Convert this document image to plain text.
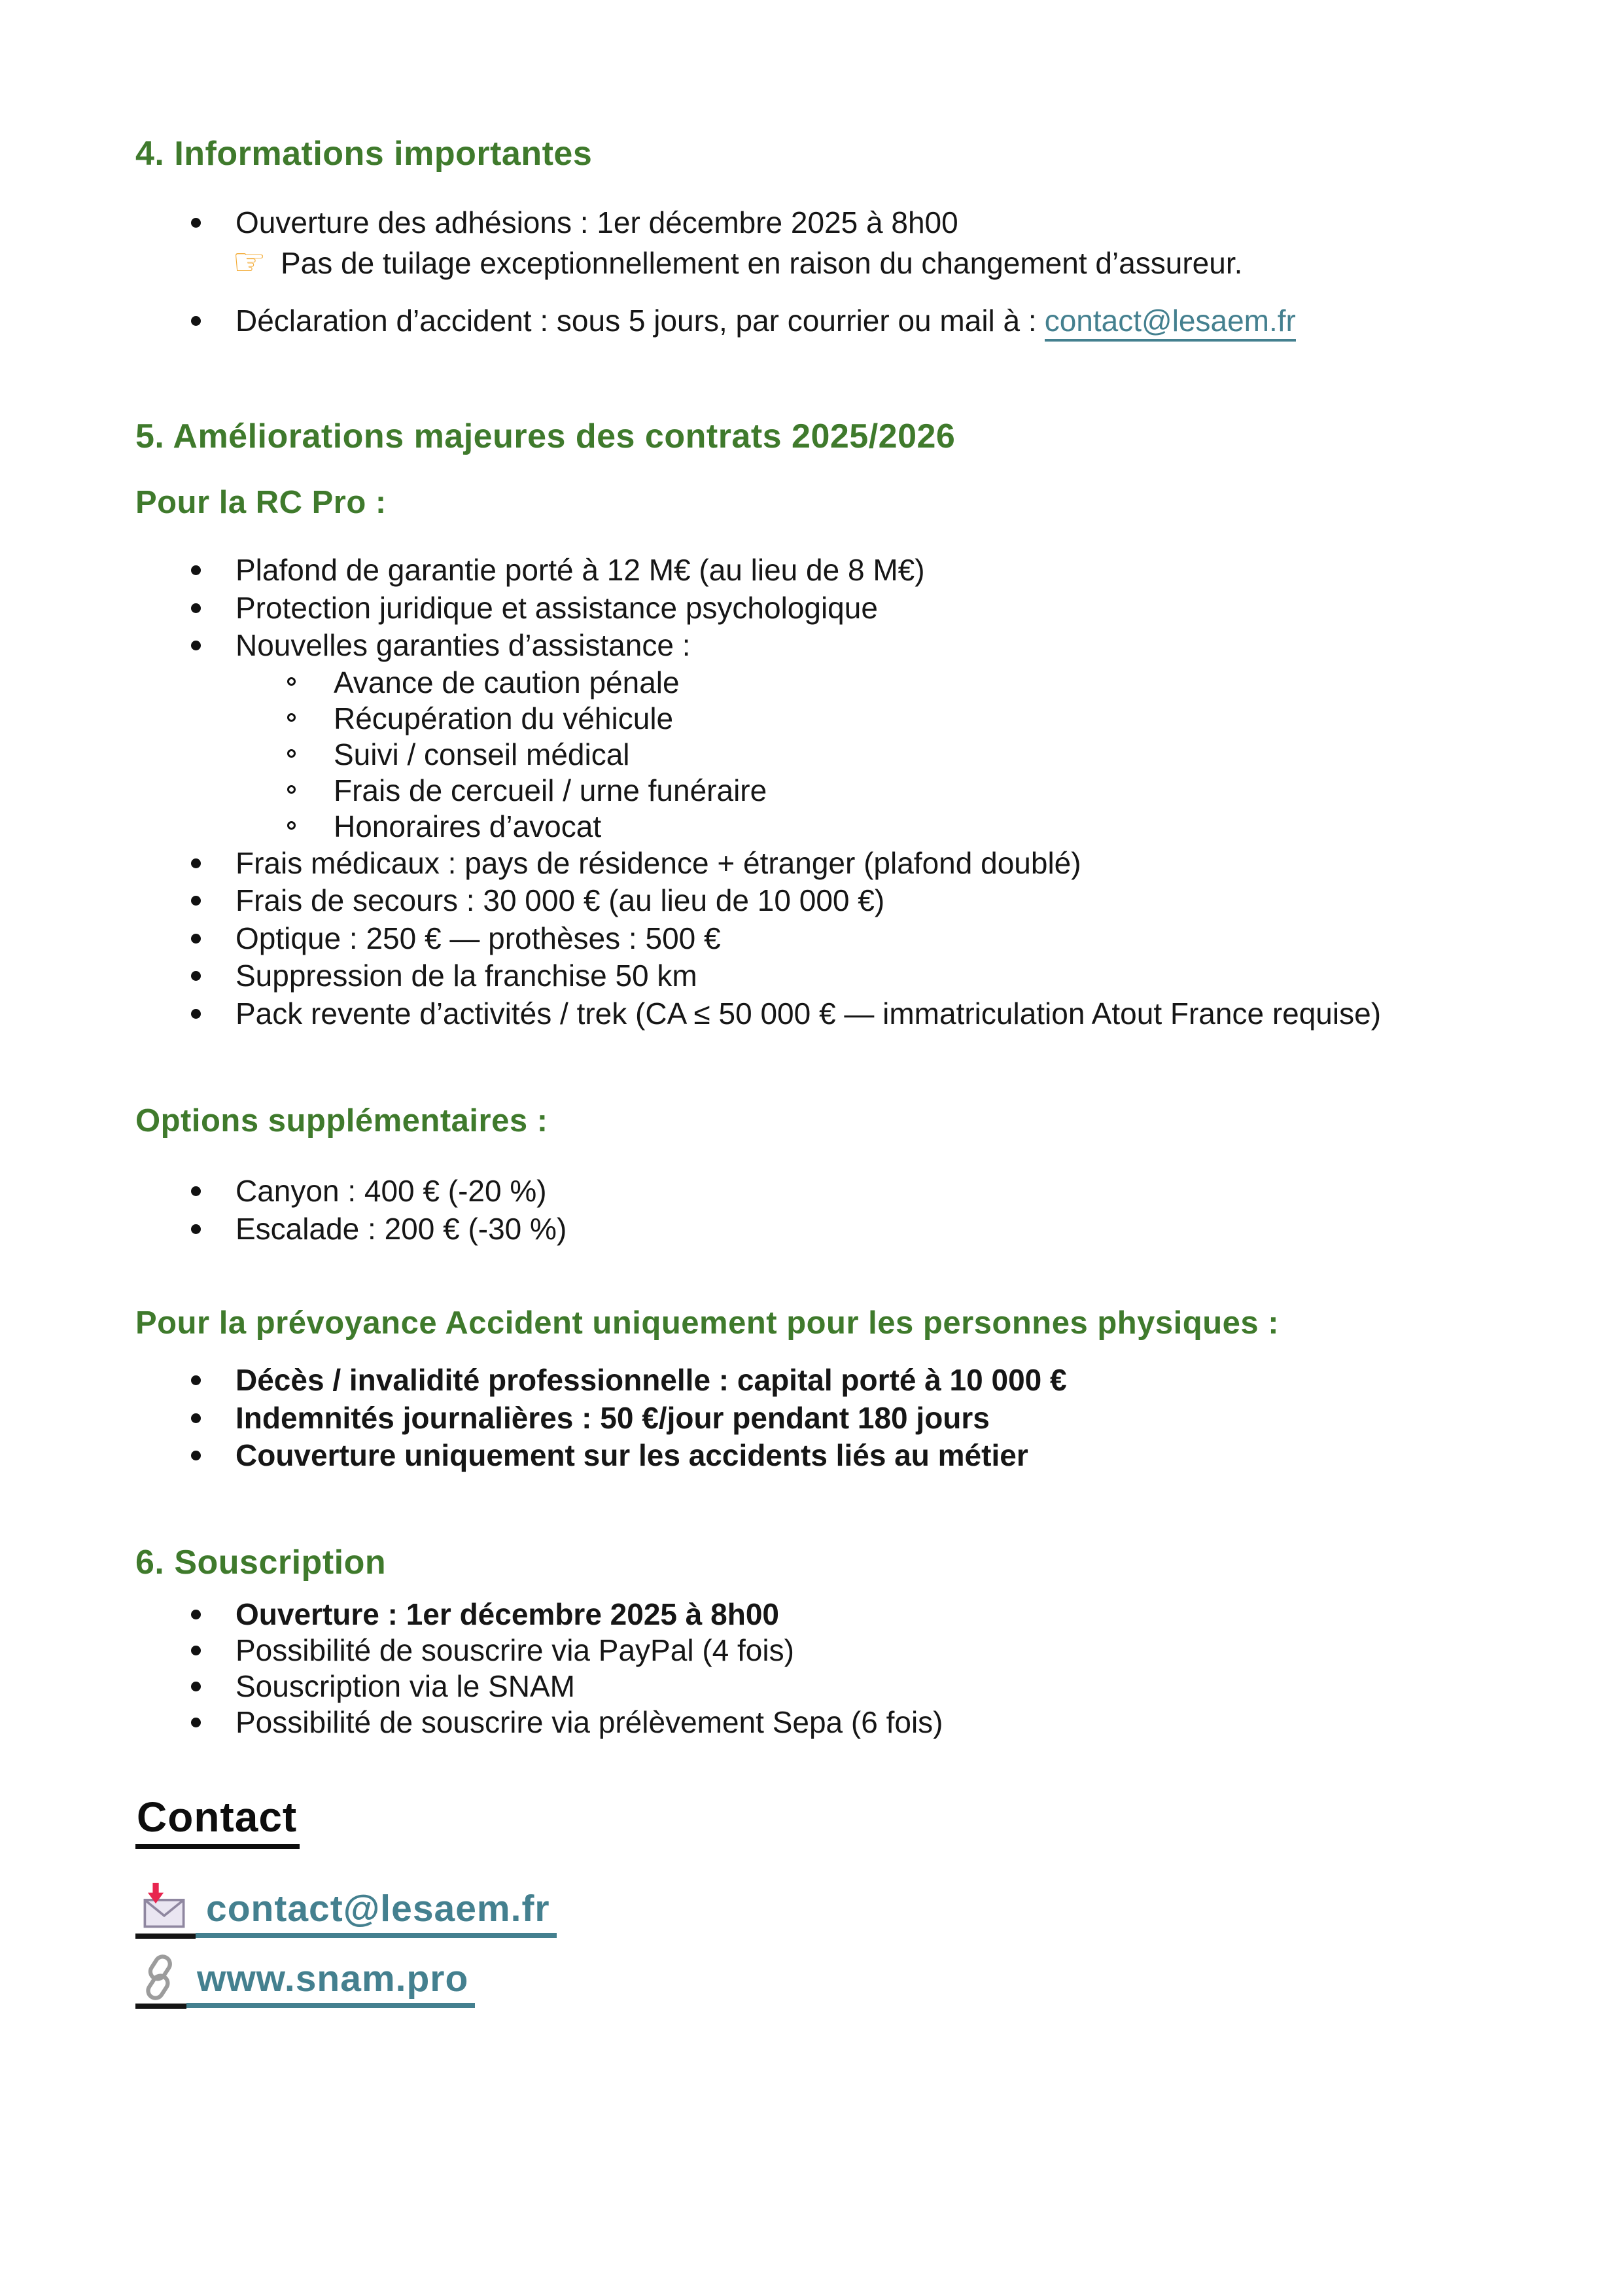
4. Informations importantes
Ouverture des adhésions : 1er décembre 2025 à 8h00
☞ Pas de tuilage exceptionnellement en raison du changement d’assureur.
Déclaration d’accident : sous 5 jours, par courrier ou mail à : contact@lesaem.fr
5. Améliorations majeures des contrats 2025/2026
Pour la RC Pro :
Plafond de garantie porté à 12 M€ (au lieu de 8 M€)
Protection juridique et assistance psychologique
Nouvelles garanties d’assistance :
Avance de caution pénale
Récupération du véhicule
Suivi / conseil médical
Frais de cercueil / urne funéraire
Honoraires d’avocat
Frais médicaux : pays de résidence + étranger (plafond doublé)
Frais de secours : 30 000 € (au lieu de 10 000 €)
Optique : 250 € — prothèses : 500 €
Suppression de la franchise 50 km
Pack revente d’activités / trek (CA ≤ 50 000 € — immatriculation Atout France requise)
Options supplémentaires :
Canyon : 400 € (-20 %)
Escalade : 200 € (-30 %)
Pour la prévoyance Accident uniquement pour les personnes physiques :
Décès / invalidité professionnelle : capital porté à 10 000 €
Indemnités journalières : 50 €/jour pendant 180 jours
Couverture uniquement sur les accidents liés au métier
6. Souscription
Ouverture : 1er décembre 2025 à 8h00
Possibilité de souscrire via PayPal (4 fois)
Souscription via le SNAM
Possibilité de souscrire via prélèvement Sepa (6 fois)
Contact
contact@lesaem.fr
www.snam.pro
